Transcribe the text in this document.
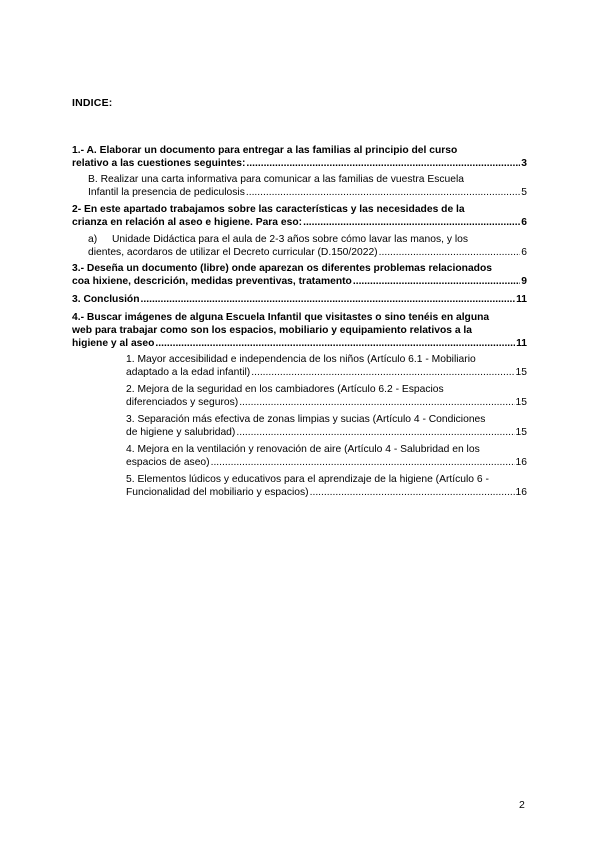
INDICE:
1.- A. Elaborar un documento para entregar a las familias al principio del curso
relativo a las cuestiones seguintes: .....	3
B. Realizar una carta informativa para comunicar a las familias de vuestra Escuela
Infantil la presencia de pediculosis .....	5
2- En este apartado trabajamos sobre las características y las necesidades de la
crianza en relación al aseo e higiene. Para eso: .....	6
a) Unidade Didáctica para el aula de 2-3 años sobre cómo lavar las manos, y los
dientes, acordaros de utilizar el Decreto curricular (D.150/2022) .....	6
3.- Deseña un documento (libre) onde aparezan os diferentes problemas relacionados
coa hixiene, descrición, medidas preventivas, tratamento .....	9
3. Conclusión .....	11
4.- Buscar imágenes de alguna Escuela Infantil que visitastes o sino tenéis en alguna
web para trabajar como son los espacios, mobiliario y equipamiento relativos a la
higiene y al aseo .....	11
1. Mayor accesibilidad e independencia de los niños (Artículo 6.1 - Mobiliario
adaptado a la edad infantil) .....	15
2. Mejora de la seguridad en los cambiadores (Artículo 6.2 - Espacios
diferenciados y seguros) .....	15
3. Separación más efectiva de zonas limpias y sucias (Artículo 4 - Condiciones
de higiene y salubridad) .....	15
4. Mejora en la ventilación y renovación de aire (Artículo 4 - Salubridad en los
espacios de aseo) .....	16
5. Elementos lúdicos y educativos para el aprendizaje de la higiene (Artículo 6 -
Funcionalidad del mobiliario y espacios) .....	16
2
